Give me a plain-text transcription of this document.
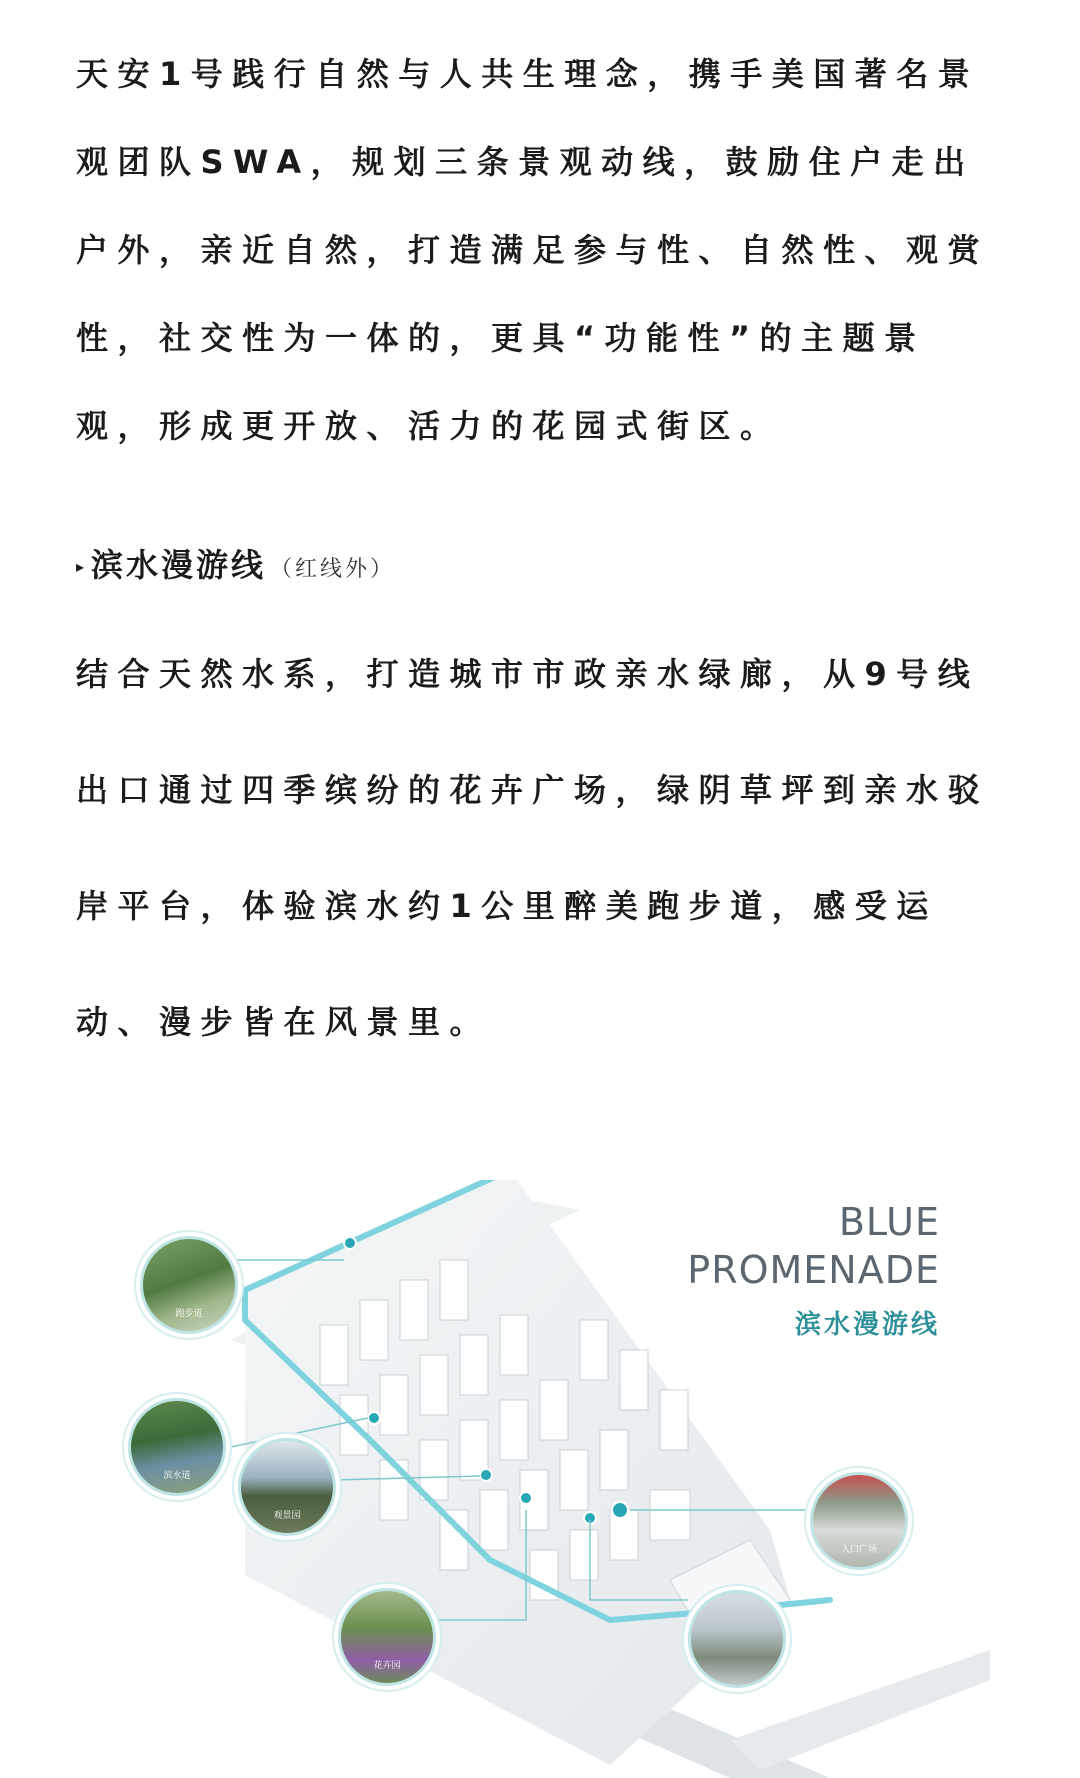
天安1号践行自然与人共生理念，携手美国著名景观团队SWA，规划三条景观动线，鼓励住户走出户外，亲近自然，打造满足参与性、自然性、观赏性，社交性为一体的，更具“功能性”的主题景观，形成更开放、活力的花园式街区。

▸ 滨水漫游线 （红线外）

结合天然水系，打造城市市政亲水绿廊，从9号线出口通过四季缤纷的花卉广场，绿阴草坪到亲水驳岸平台，体验滨水约1公里醉美跑步道，感受运动、漫步皆在风景里。

BLUE
PROMENADE
滨水漫游线
跑步道
滨水道
观景园
花卉园
入口广场
